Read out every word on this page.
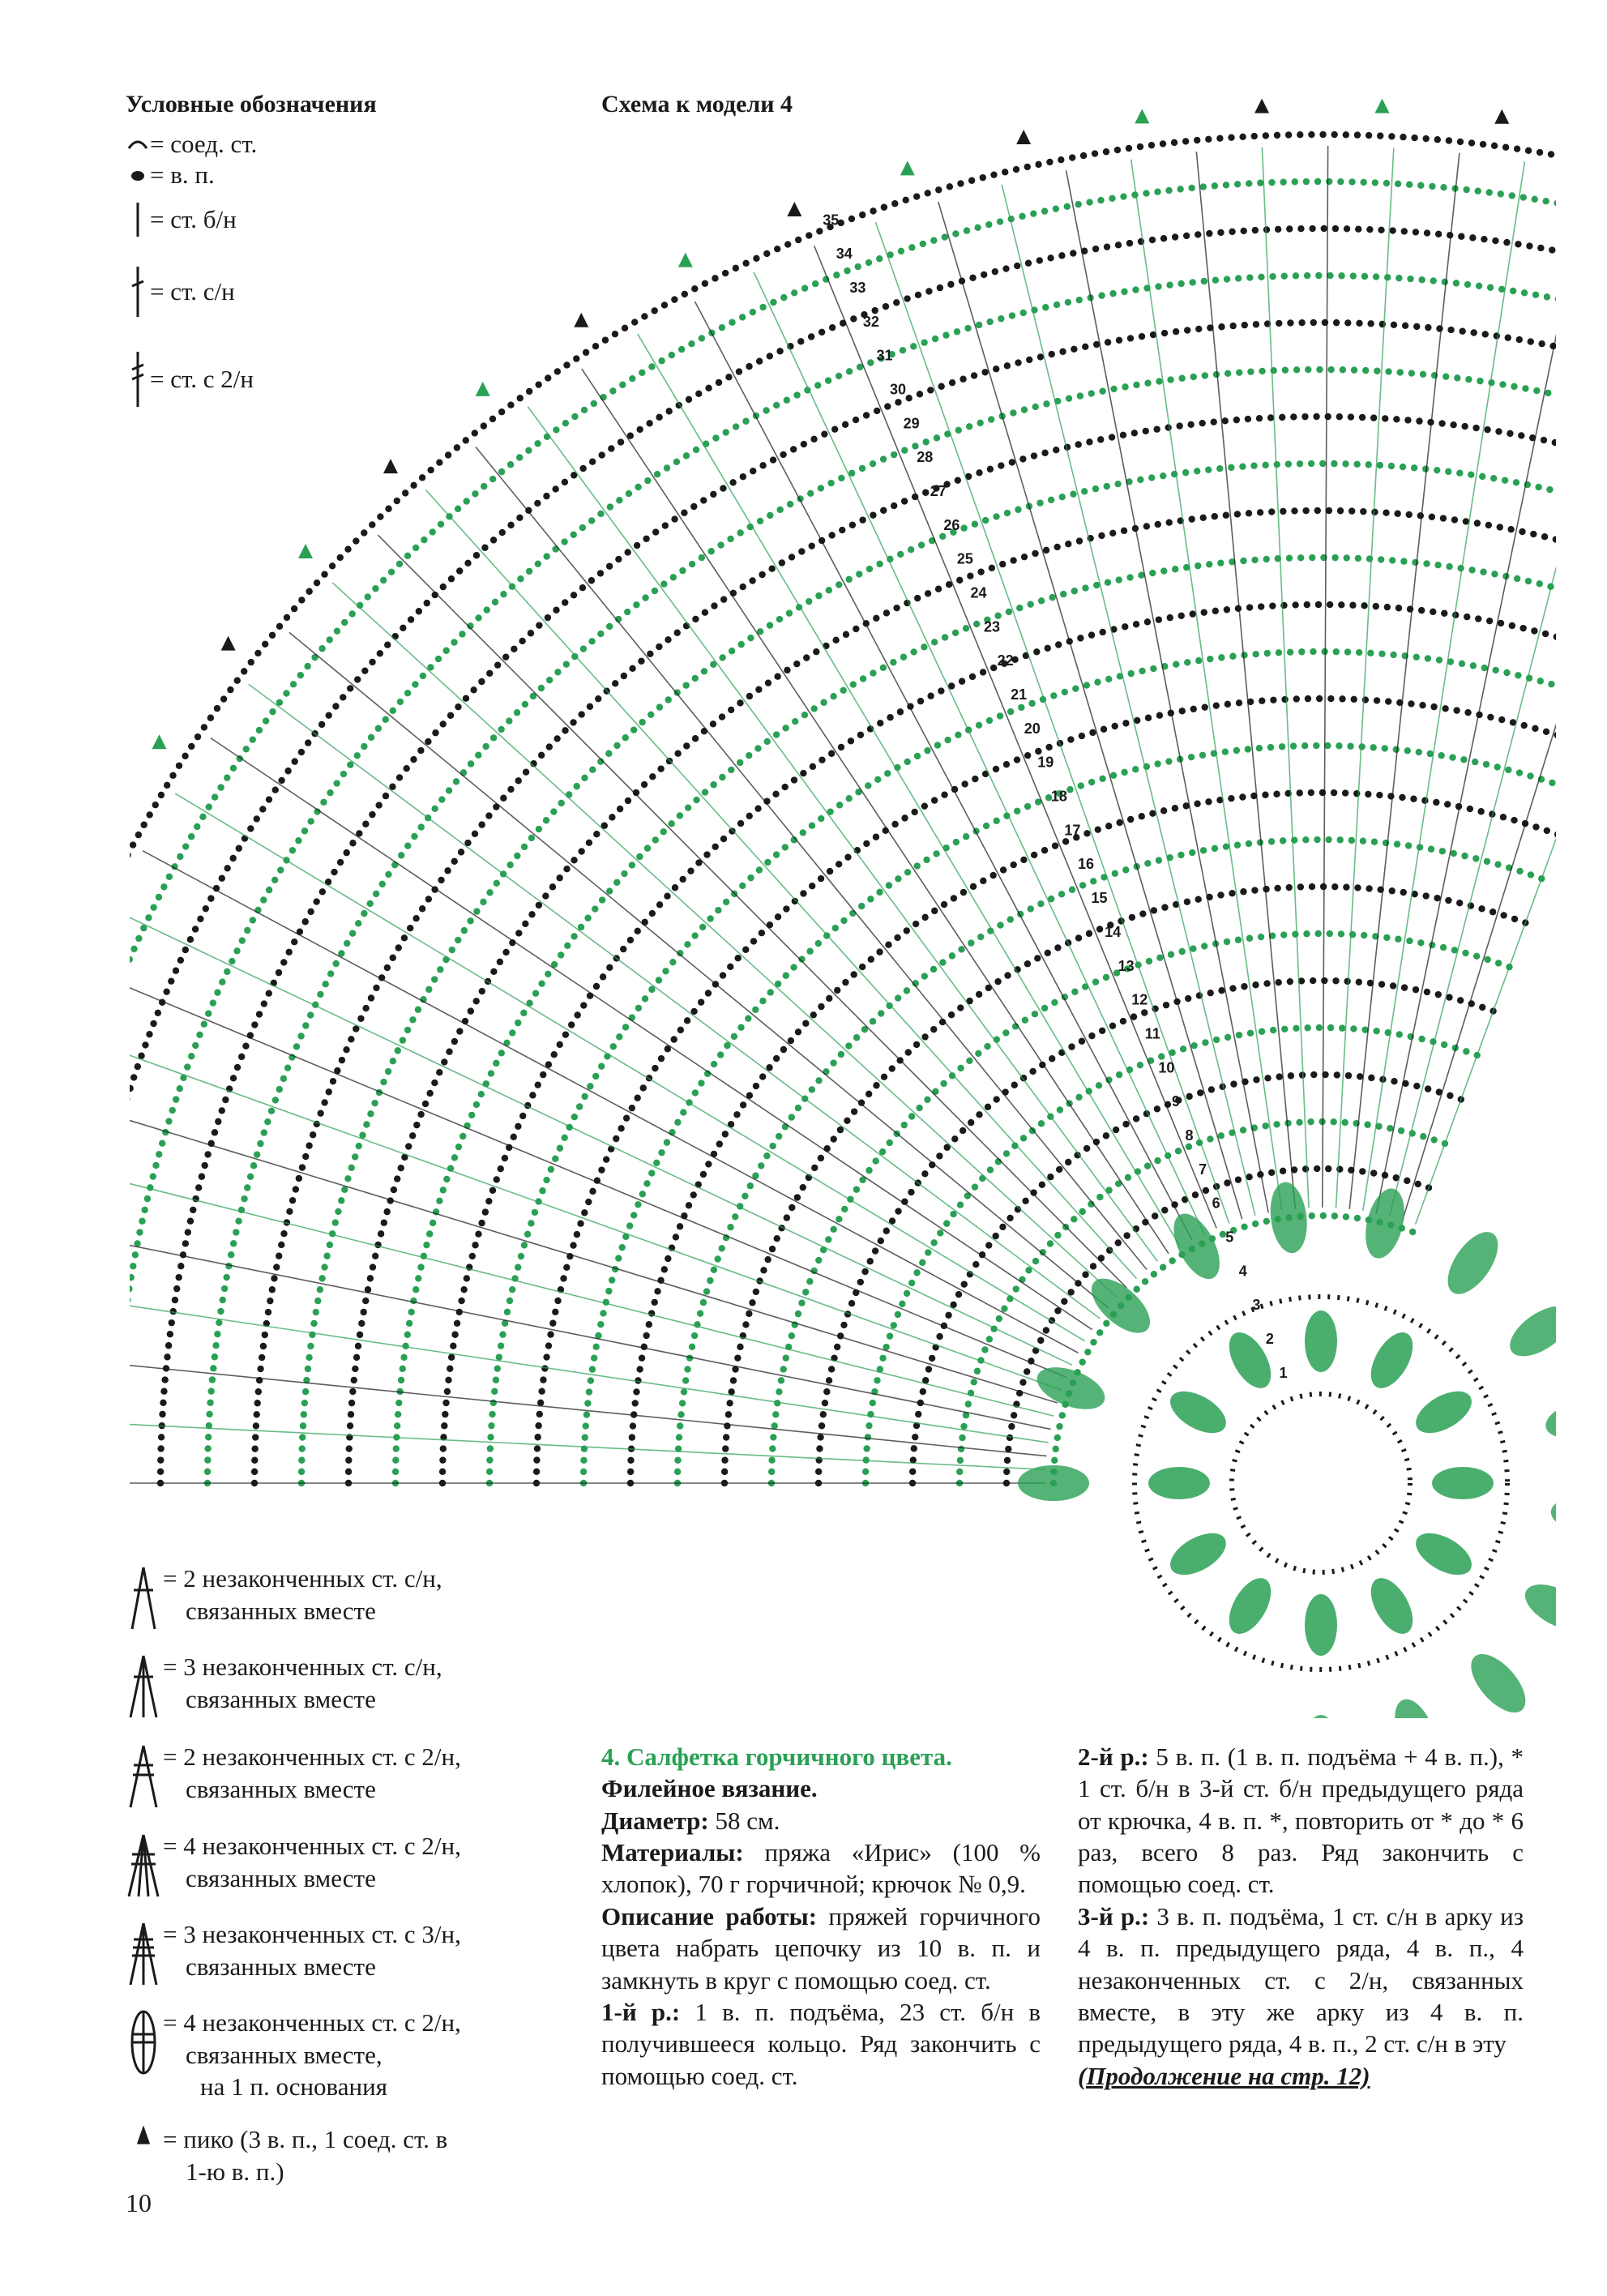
Условные обозначения	Схема к модели 4
= соед. ст.
= в. п.
= ст. б/н
= ст. с/н
= ст. с 2/н
1
2
3
4
5
6
7
8
9
10
11
12
13
14
15
16
17
18
19
20
21
22
23
24
25
26
27
28
29
30
31
32
33
34
35
= 2 незаконченных ст. с/н,
связанных вместе
= 3 незаконченных ст. с/н,
связанных вместе
= 2 незаконченных ст. с 2/н,
связанных вместе
= 4 незаконченных ст. с 2/н,
связанных вместе
= 3 незаконченных ст. с 3/н,
связанных вместе
= 4 незаконченных ст. с 2/н,
связанных вместе,
на 1 п. основания
= пико (3 в. п., 1 соед. ст. в
1-ю в. п.)

4. Салфетка горчичного цвета.

Филейное вязание.

Диаметр: 58 см.

Материалы: пряжа «Ирис» (100 % хлопок), 70 г горчичной; крючок № 0,9.

Описание работы: пряжей горчичного цвета набрать цепочку из 10 в. п. и замкнуть в круг с помощью соед. ст.

1-й р.: 1 в. п. подъёма, 23 ст. б/н в получившееся кольцо. Ряд закончить с помощью соед. ст.

2-й р.: 5 в. п. (1 в. п. подъёма + 4 в. п.), * 1 ст. б/н в 3-й ст. б/н предыдущего ряда от крючка, 4 в. п. *, повторить от * до * 6 раз, всего 8 раз. Ряд закончить с помощью соед. ст.

3-й р.: 3 в. п. подъёма, 1 ст. с/н в арку из 4 в. п. предыдущего ряда, 4 в. п., 4 незаконченных ст. с 2/н, связанных вместе, в эту же арку из 4 в. п. предыдущего ряда, 4 в. п., 2 ст. с/н в эту

(Продолжение на стр. 12)

10
